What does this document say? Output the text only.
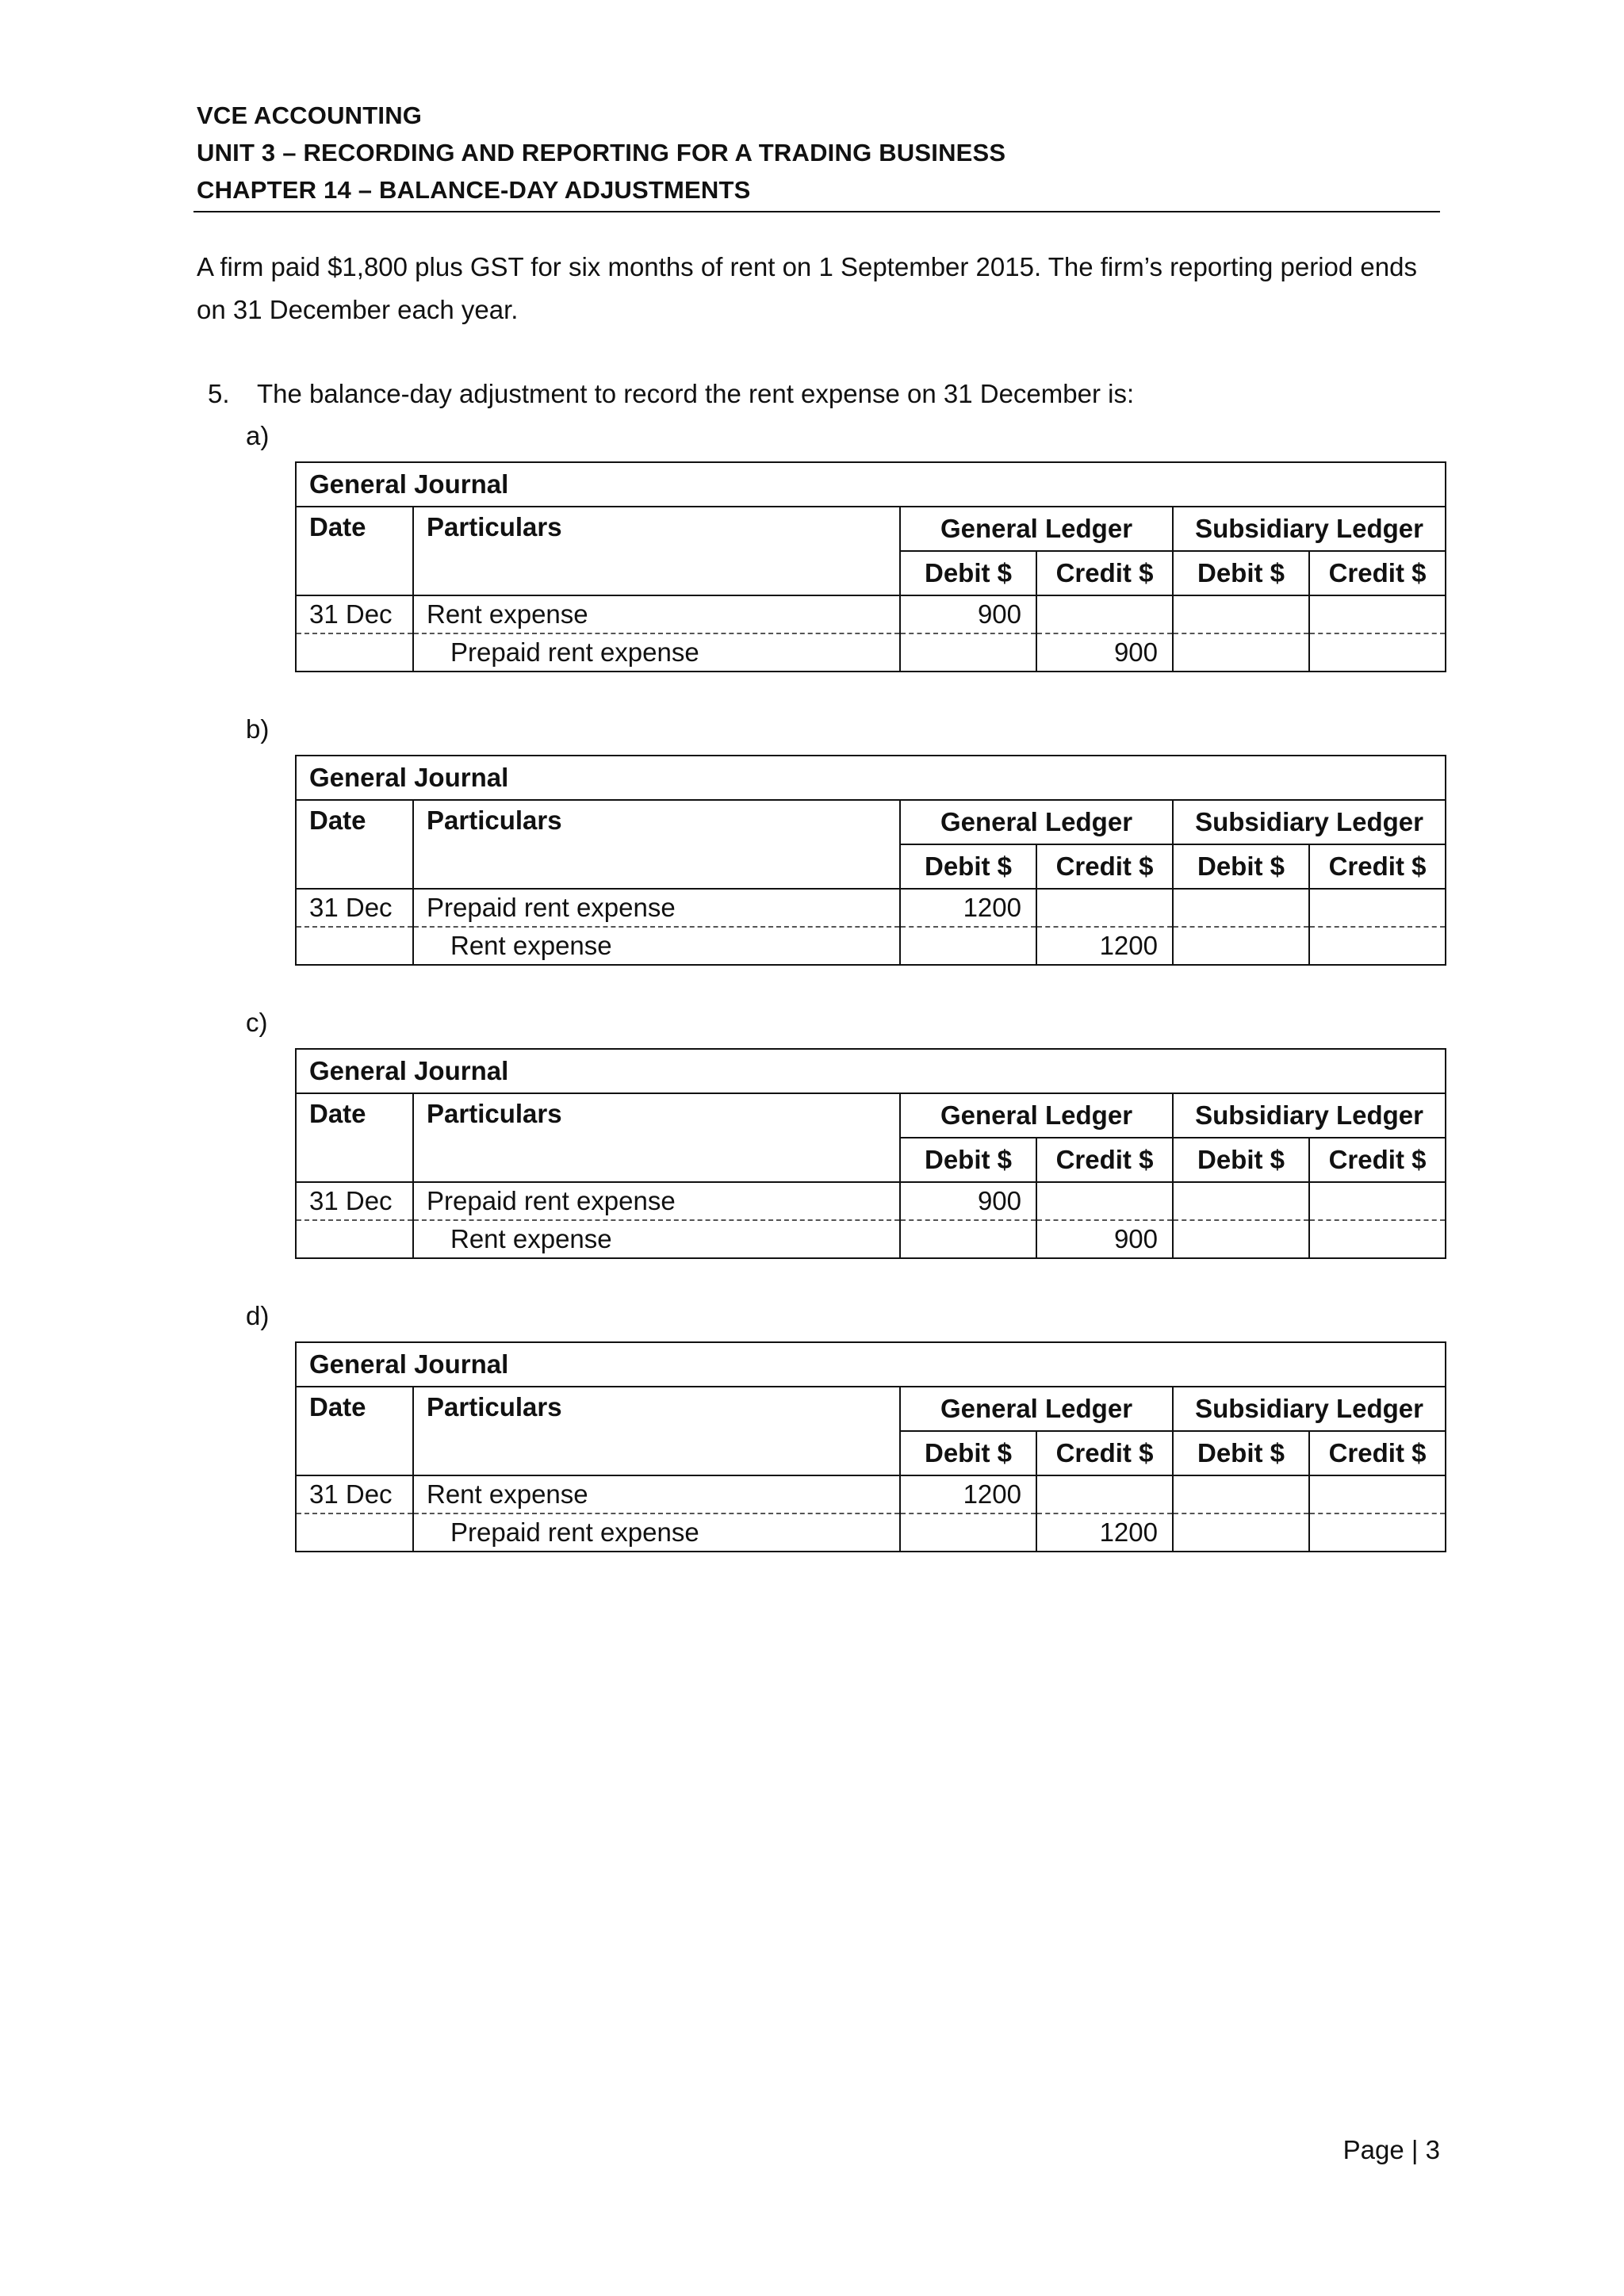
VCE ACCOUNTING
UNIT 3 – RECORDING AND REPORTING FOR A TRADING BUSINESS
CHAPTER 14 – BALANCE-DAY ADJUSTMENTS
A firm paid $1,800 plus GST for six months of rent on 1 September 2015. The firm’s reporting period ends on 31 December each year.
5. The balance-day adjustment to record the rent expense on 31 December is:
a)
General Journal					
Date	Particulars	General Ledger		Subsidiary Ledger	
		Debit $	Credit $	Debit $	Credit $
31 Dec	Rent expense	900			
	Prepaid rent expense		900		
b)
General Journal					
Date	Particulars	General Ledger		Subsidiary Ledger	
		Debit $	Credit $	Debit $	Credit $
31 Dec	Prepaid rent expense	1200			
	Rent expense		1200		
c)
General Journal					
Date	Particulars	General Ledger		Subsidiary Ledger	
		Debit $	Credit $	Debit $	Credit $
31 Dec	Prepaid rent expense	900			
	Rent expense		900		
d)
General Journal					
Date	Particulars	General Ledger		Subsidiary Ledger	
		Debit $	Credit $	Debit $	Credit $
31 Dec	Rent expense	1200			
	Prepaid rent expense		1200		
Page | 3
